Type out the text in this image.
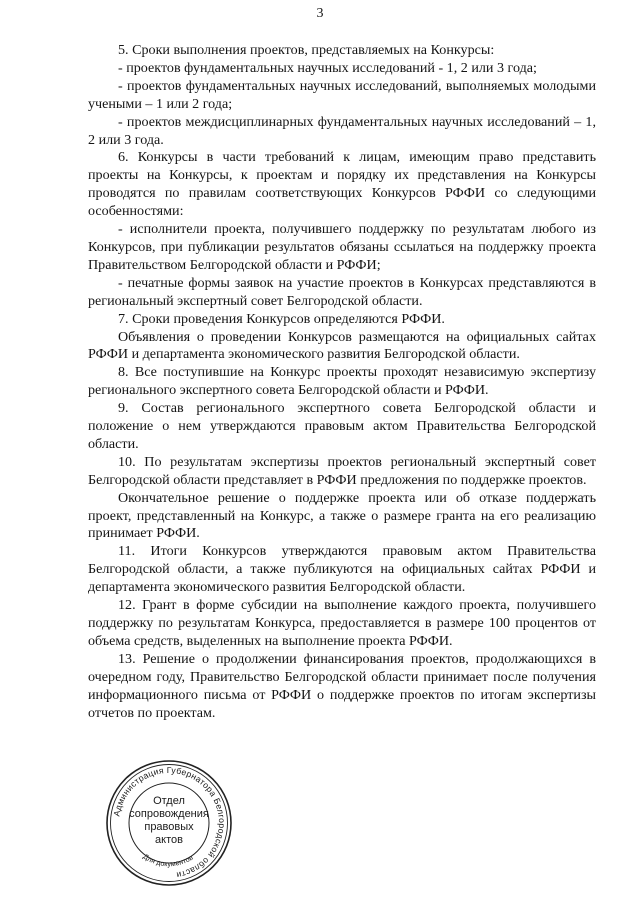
3

5. Сроки выполнения проектов, представляемых на Конкурсы:

- проектов фундаментальных научных исследований - 1, 2 или 3 года;

- проектов фундаментальных научных исследований, выполняемых молодыми учеными – 1 или 2 года;

- проектов междисциплинарных фундаментальных научных исследований – 1, 2 или 3 года.

6. Конкурсы в части требований к лицам, имеющим право представить проекты на Конкурсы, к проектам и порядку их представления на Конкурсы проводятся по правилам соответствующих Конкурсов РФФИ со следующими особенностями:

- исполнители проекта, получившего поддержку по результатам любого из Конкурсов, при публикации результатов обязаны ссылаться на поддержку проекта Правительством Белгородской области и РФФИ;

- печатные формы заявок на участие проектов в Конкурсах представляются в региональный экспертный совет Белгородской области.

7. Сроки проведения Конкурсов определяются РФФИ.

Объявления о проведении Конкурсов размещаются на официальных сайтах РФФИ и департамента экономического развития Белгородской области.

8. Все поступившие на Конкурс проекты проходят независимую экспертизу регионального экспертного совета Белгородской области и РФФИ.

9. Состав регионального экспертного совета Белгородской области и положение о нем утверждаются правовым актом Правительства Белгородской области.

10. По результатам экспертизы проектов региональный экспертный совет Белгородской области представляет в РФФИ предложения по поддержке проектов.

Окончательное решение о поддержке проекта или об отказе поддержать проект, представленный на Конкурс, а также о размере гранта на его реализацию принимает РФФИ.

11. Итоги Конкурсов утверждаются правовым актом Правительства Белгородской области, а также публикуются на официальных сайтах РФФИ и департамента экономического развития Белгородской области.

12. Грант в форме субсидии на выполнение каждого проекта, получившего поддержку по результатам Конкурса, предоставляется в размере 100 процентов от объема средств, выделенных на выполнение проекта РФФИ.

13. Решение о продолжении финансирования проектов, продолжающихся в очередном году, Правительство Белгородской области принимает после получения информационного письма от РФФИ о поддержке проектов по итогам экспертизы отчетов по проектам.

Администрация Губернатора Белгородской области
Для документов
Отдел
сопровождения
правовых
актов
